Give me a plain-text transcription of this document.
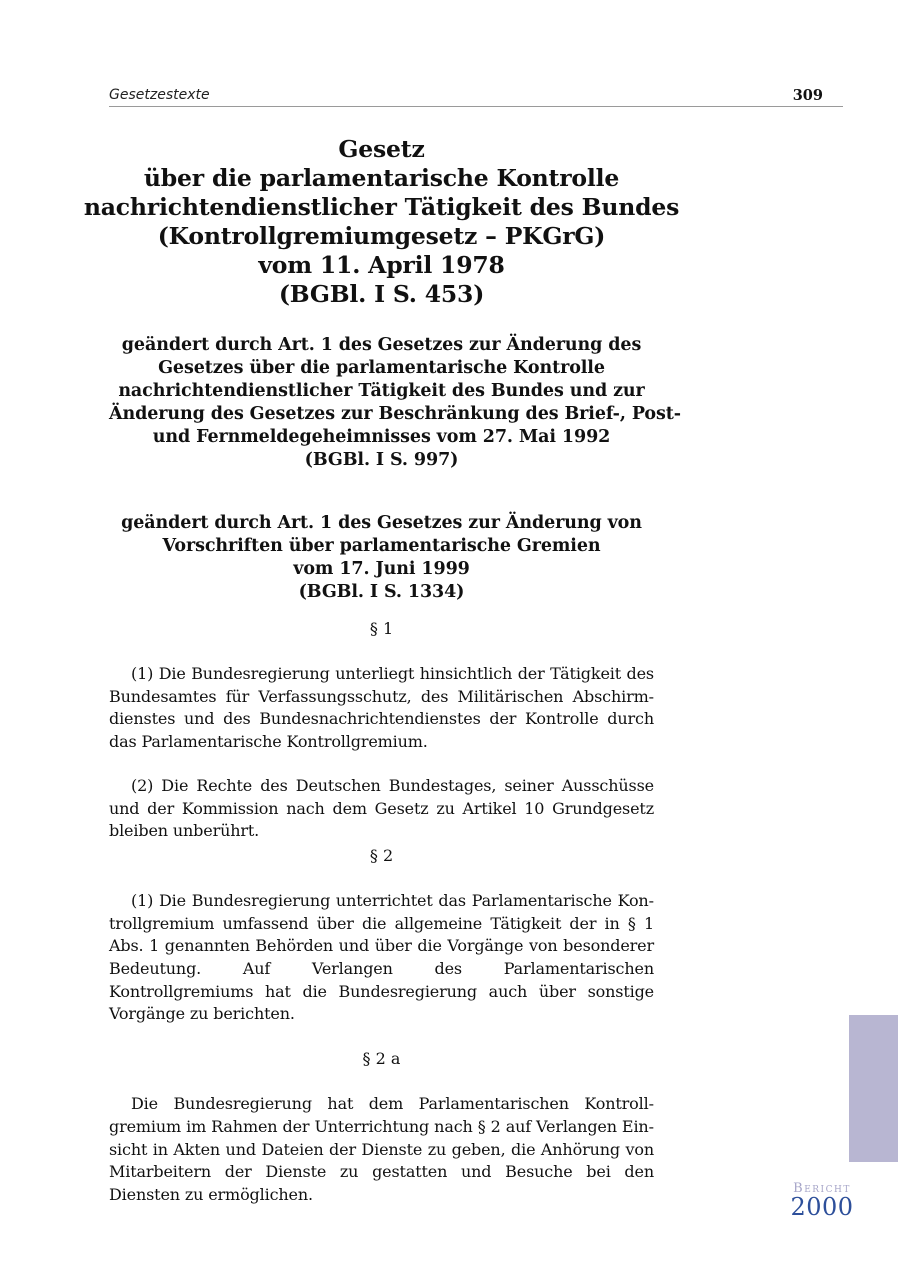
Gesetzestexte	309
Gesetz
über die parlamentarische Kontrolle
nachrichtendienstlicher Tätigkeit des Bundes
(Kontrollgremiumgesetz – PKGrG)
vom 11. April 1978
(BGBl. I S. 453)
geändert durch Art. 1 des Gesetzes zur Änderung des
Gesetzes über die parlamentarische Kontrolle
nachrichtendienstlicher Tätigkeit des Bundes und zur
Änderung des Gesetzes zur Beschränkung des Brief-, Post-
und Fernmeldegeheimnisses vom 27. Mai 1992
(BGBl. I S. 997)
geändert durch Art. 1 des Gesetzes zur Änderung von
Vorschriften über parlamentarische Gremien
vom 17. Juni 1999
(BGBl. I S. 1334)
§ 1

(1) Die Bundesregierung unterliegt hinsichtlich der Tätigkeit des Bundesamtes für Verfassungsschutz, des Militärischen Abschirmdienstes und des Bundesnachrichtendienstes der Kontrolle durch das Parlamentarische Kontrollgremium.

(2) Die Rechte des Deutschen Bundestages, seiner Ausschüsse und der Kommission nach dem Gesetz zu Artikel 10 Grundgesetz bleiben unberührt.

§ 2

(1) Die Bundesregierung unterrichtet das Parlamentarische Kontrollgremium umfassend über die allgemeine Tätigkeit der in § 1 Abs. 1 genannten Behörden und über die Vorgänge von besonderer Bedeutung. Auf Verlangen des Parlamentarischen Kontrollgremiums hat die Bundesregierung auch über sonstige Vorgänge zu berichten.

§ 2 a

Die Bundesregierung hat dem Parlamentarischen Kontrollgremium im Rahmen der Unterrichtung nach § 2 auf Verlangen Einsicht in Akten und Dateien der Dienste zu geben, die Anhörung von Mitarbeitern der Dienste zu gestatten und Besuche bei den Diensten zu ermöglichen.	Bericht
2000
